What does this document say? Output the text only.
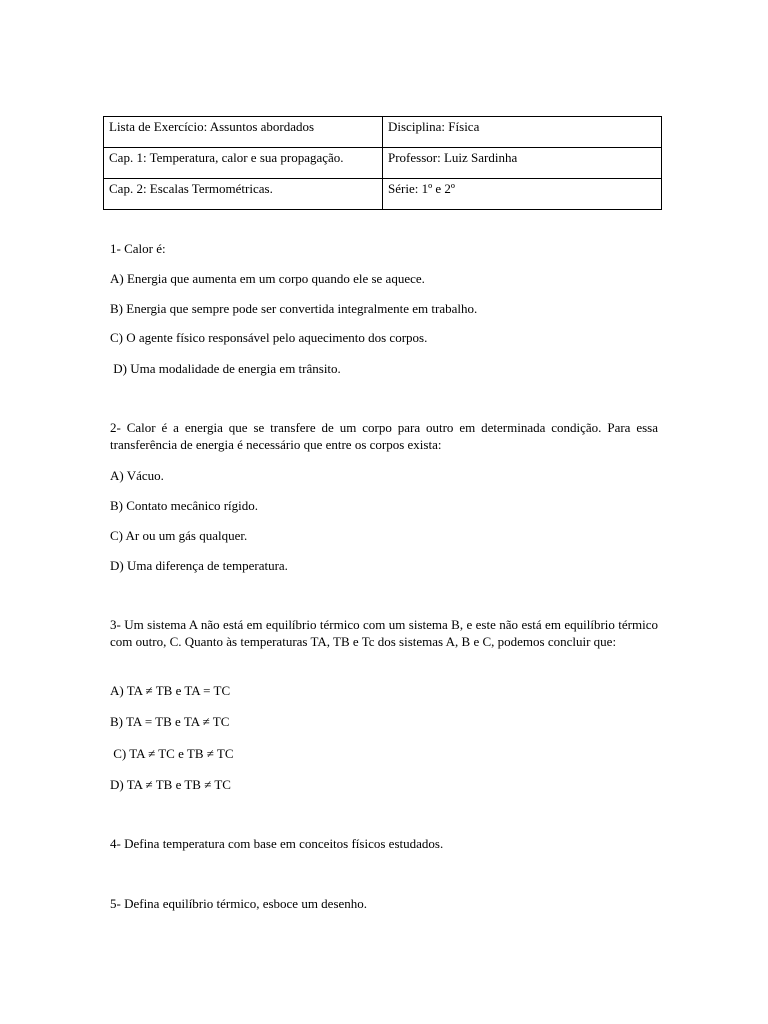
Lista de Exercício: Assuntos abordados	Disciplina: Física
Cap. 1: Temperatura, calor e sua propagação.	Professor: Luiz Sardinha
Cap. 2: Escalas Termométricas.	Série: 1º e 2º
1- Calor é:
A) Energia que aumenta em um corpo quando ele se aquece.
B) Energia que sempre pode ser convertida integralmente em trabalho.
C) O agente físico responsável pelo aquecimento dos corpos.
D) Uma modalidade de energia em trânsito.
2- Calor é a energia que se transfere de um corpo para outro em determinada condição. Para essa transferência de energia é necessário que entre os corpos exista:
A) Vácuo.
B) Contato mecânico rígido.
C) Ar ou um gás qualquer.
D) Uma diferença de temperatura.
3- Um sistema A não está em equilíbrio térmico com um sistema B, e este não está em equilíbrio térmico com outro, C. Quanto às temperaturas TA, TB e Tc dos sistemas A, B e C, podemos concluir que:
A) TA ≠ TB e TA = TC
B) TA = TB e TA ≠ TC
C) TA ≠ TC e TB ≠ TC
D) TA ≠ TB e TB ≠ TC
4- Defina temperatura com base em conceitos físicos estudados.
5- Defina equilíbrio térmico, esboce um desenho.
